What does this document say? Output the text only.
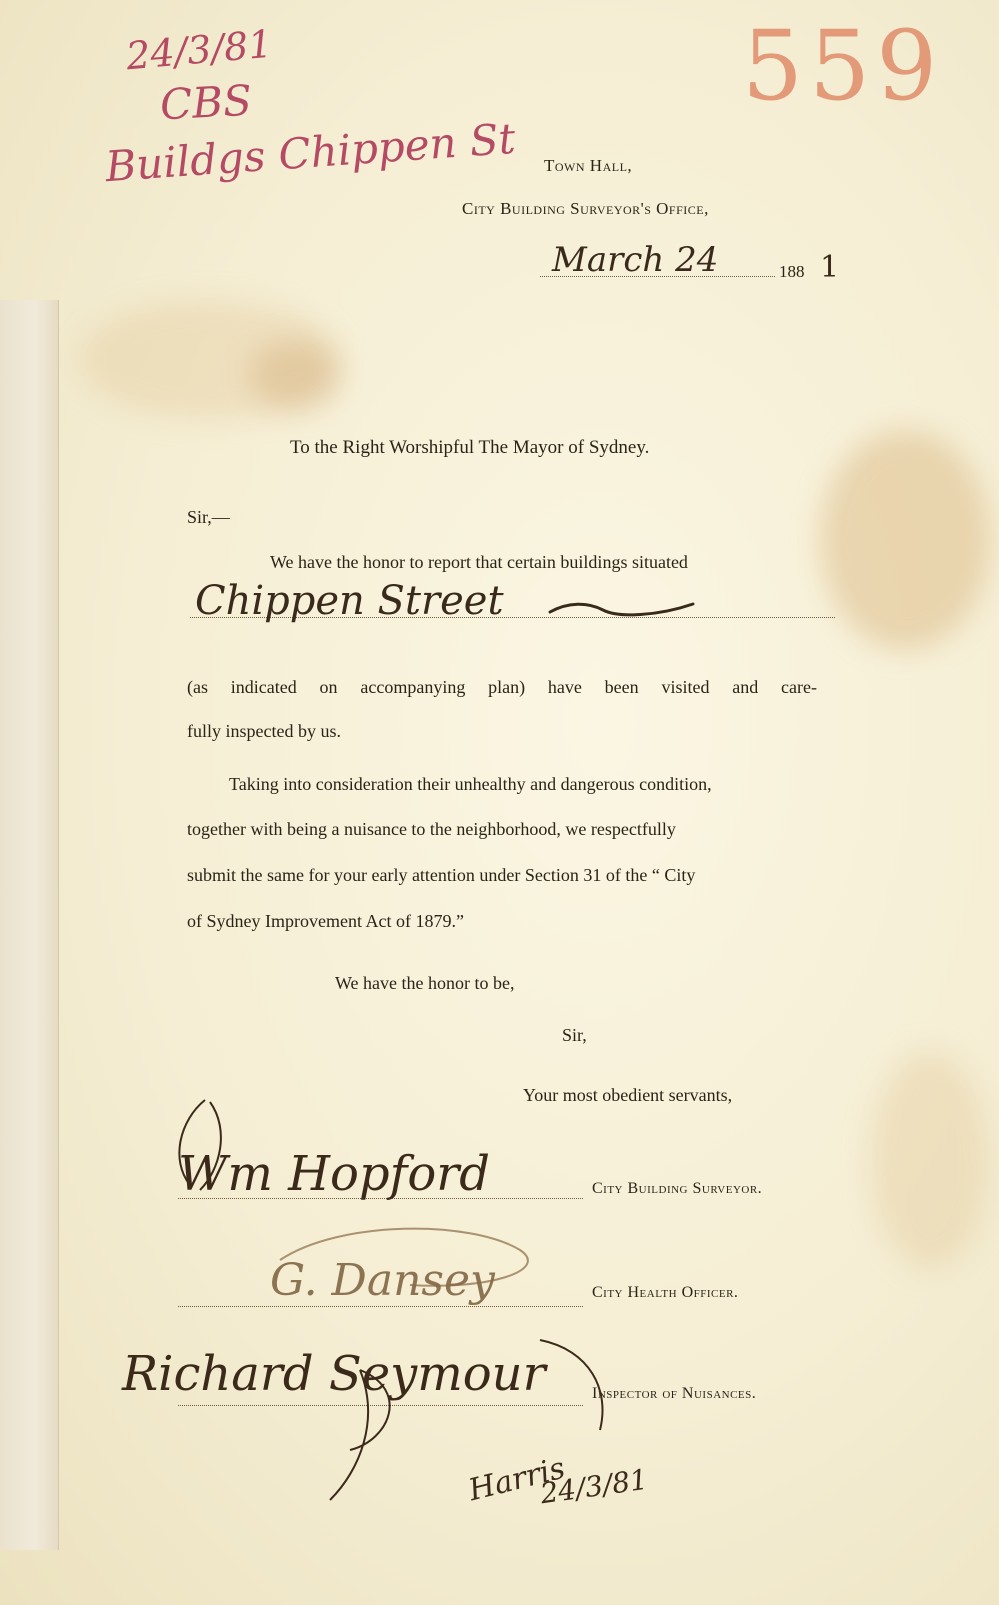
24/3/81

CBS

Buildgs Chippen St

559

Town Hall,

City Building Surveyor's Office,

March 24	188 1

To the Right Worshipful The Mayor of Sydney.

Sir,—

We have the honor to report that certain buildings situated

Chippen Street

(as indicated on accompanying plan) have been visited and care-

fully inspected by us.

Taking into consideration their unhealthy and dangerous condition,

together with being a nuisance to the neighborhood, we respectfully

submit the same for your early attention under Section 31 of the “ City

of Sydney Improvement Act of 1879.”

We have the honor to be,

Sir,

Your most obedient servants,

Wm Hopford	City Building Surveyor.

G. Dansey	City Health Officer.

Richard Seymour	Inspector of Nuisances.

Harris

24/3/81
